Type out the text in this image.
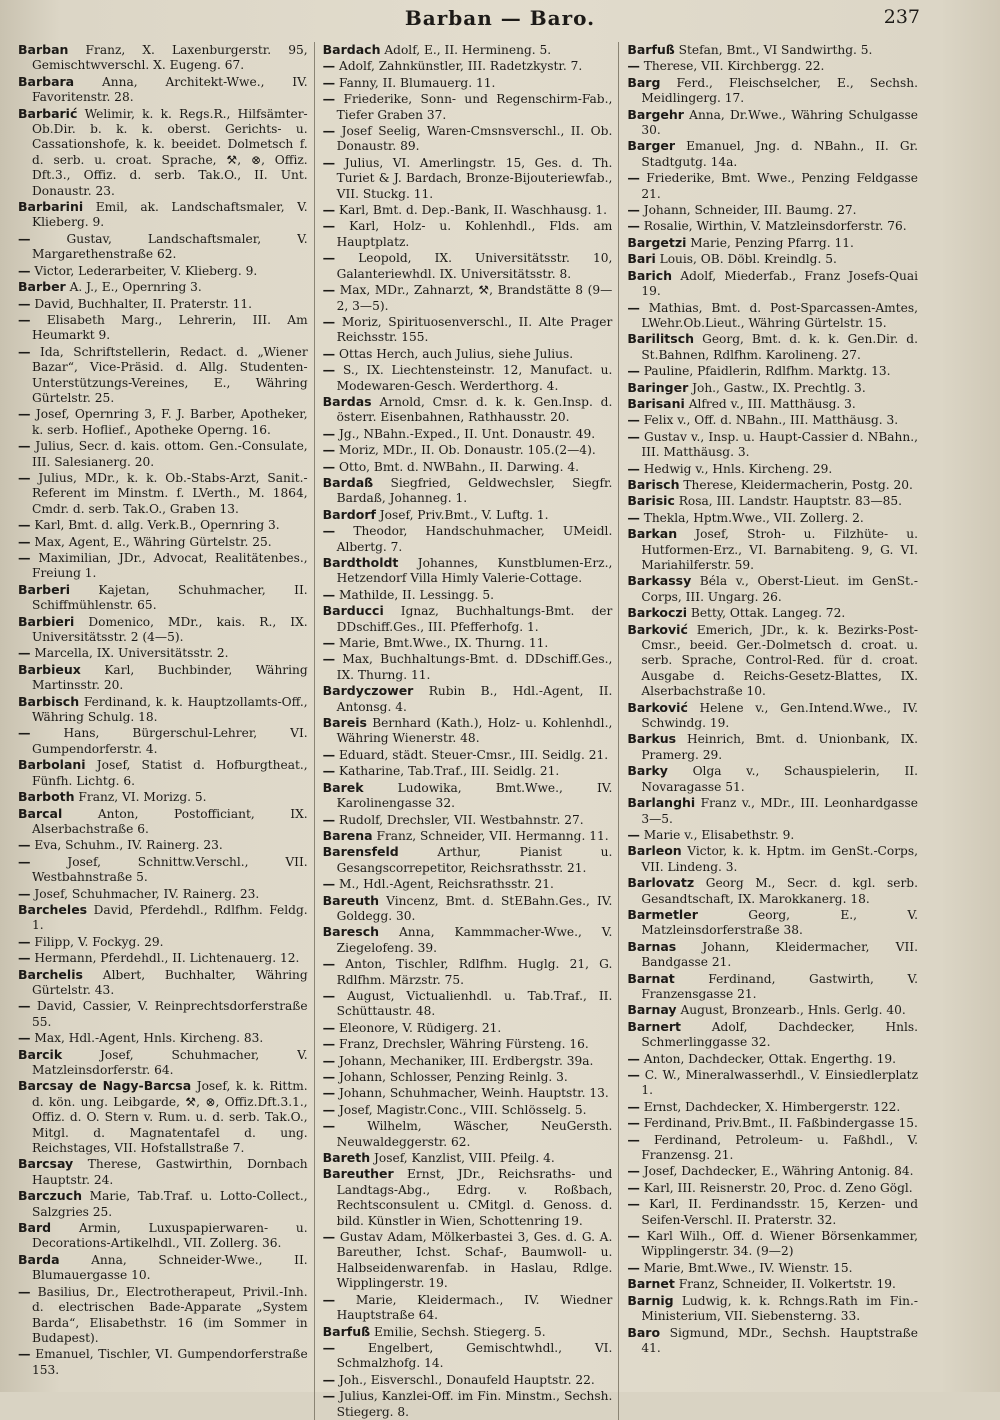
Barban — Baro.	237

Barban Franz, X. Laxenburgerstr. 95, Gemischtwverschl. X. Eugeng. 67.

Barbara Anna, Architekt-Wwe., IV. Favoritenstr. 28.

Barbarić Welimir, k. k. Regs.R., Hilfsämter-Ob.Dir. b. k. k. oberst. Gerichts- u. Cassationshofe, k. k. beeidet. Dolmetsch f. d. serb. u. croat. Sprache, ⚒, ⊗, Offiz. Dft.3., Offiz. d. serb. Tak.O., II. Unt. Donaustr. 23.

Barbarini Emil, ak. Landschaftsmaler, V. Klieberg. 9.

—	Gustav, Landschaftsmaler, V. Margarethenstraße 62.

— Victor, Lederarbeiter, V. Klieberg. 9.

Barber A. J., E., Opernring 3.

— David, Buchhalter, II. Praterstr. 11.

— Elisabeth Marg., Lehrerin, III. Am Heumarkt 9.

— Ida, Schriftstellerin, Redact. d. „Wiener Bazar“, Vice-Präsid. d. Allg. Studenten-Unterstützungs-Vereines, E., Währing Gürtelstr. 25.

— Josef, Opernring 3, F. J. Barber, Apotheker, k. serb. Hoflief., Apotheke Operng. 16.

— Julius, Secr. d. kais. ottom. Gen.-Consulate, III. Salesianerg. 20.

— Julius, MDr., k. k. Ob.-Stabs-Arzt, Sanit.-Referent im Minstm. f. LVerth., M. 1864, Cmdr. d. serb. Tak.O., Graben 13.

— Karl, Bmt. d. allg. Verk.B., Opernring 3.

— Max, Agent, E., Währing Gürtelstr. 25.

— Maximilian, JDr., Advocat, Realitätenbes., Freiung 1.

Barberi Kajetan, Schuhmacher, II. Schiffmühlenstr. 65.

Barbieri Domenico, MDr., kais. R., IX. Universitätsstr. 2 (4—5).

— Marcella, IX. Universitätsstr. 2.

Barbieux Karl, Buchbinder, Währing Martinsstr. 20.

Barbisch Ferdinand, k. k. Hauptzollamts-Off., Währing Schulg. 18.

—	Hans, Bürgerschul-Lehrer, VI. Gumpendorferstr. 4.

Barbolani Josef, Statist d. Hofburgtheat., Fünfh. Lichtg. 6.

Barboth Franz, VI. Morizg. 5.

Barcal	Anton, Postofficiant, IX. Alserbachstraße 6.

— Eva, Schuhm., IV. Rainerg. 23.

—	Josef, Schnittw.Verschl., VII. Westbahnstraße 5.

— Josef, Schuhmacher, IV. Rainerg. 23.

Barcheles David, Pferdehdl., Rdlfhm. Feldg. 1.

— Filipp, V. Fockyg. 29.

— Hermann, Pferdehdl., II. Lichtenauerg. 12.

Barchelis Albert, Buchhalter, Währing Gürtelstr. 43.

— David, Cassier, V. Reinprechtsdorferstraße 55.

— Max, Hdl.-Agent, Hnls. Kircheng. 83.

Barcik	Josef, Schuhmacher, V. Matzleinsdorferstr. 64.

Barcsay de Nagy-Barcsa Josef, k. k. Rittm. d. kön. ung. Leibgarde, ⚒, ⊗, Offiz.Dft.3.1., Offiz. d. O. Stern v. Rum. u. d. serb. Tak.O., Mitgl. d. Magnatentafel d. ung. Reichstages, VII. Hofstallstraße 7.

Barcsay Therese, Gastwirthin, Dornbach Hauptstr. 24.

Barczuch Marie, Tab.Traf. u. Lotto-Collect., Salzgries 25.

Bard Armin, Luxuspapierwaren- u. Decorations-Artikelhdl., VII. Zollerg. 36.

Barda	Anna, Schneider-Wwe., II. Blumauergasse 10.

— Basilius, Dr., Electrotherapeut, Privil.-Inh. d. electrischen Bade-Apparate „System Barda“, Elisabethstr. 16 (im Sommer in Budapest).

— Emanuel, Tischler, VI. Gumpendorferstraße 153.

Bardach Adolf, E., II. Hermineng. 5.

— Adolf, Zahnkünstler, III. Radetzkystr. 7.

— Fanny, II. Blumauerg. 11.

— Friederike, Sonn- und Regenschirm-Fab., Tiefer Graben 37.

— Josef Seelig, Waren-Cmsnsverschl., II. Ob. Donaustr. 89.

— Julius, VI. Amerlingstr. 15, Ges. d. Th. Turiet & J. Bardach, Bronze-Bijouteriewfab., VII. Stuckg. 11.

— Karl, Bmt. d. Dep.-Bank, II. Waschhausg. 1.

— Karl, Holz- u. Kohlenhdl., Flds. am Hauptplatz.

— Leopold, IX. Universitätsstr. 10, Galanteriewhdl. IX. Universitätsstr. 8.

— Max, MDr., Zahnarzt, ⚒, Brandstätte 8 (9—2, 3—5).

— Moriz, Spirituosenverschl., II. Alte Prager Reichsstr. 155.

— Ottas Herch, auch Julius, siehe Julius.

— S., IX. Liechtensteinstr. 12, Manufact. u. Modewaren-Gesch. Werderthorg. 4.

Bardas Arnold, Cmsr. d. k. k. Gen.Insp. d. österr. Eisenbahnen, Rathhausstr. 20.

— Jg., NBahn.-Exped., II. Unt. Donaustr. 49.

— Moriz, MDr., II. Ob. Donaustr. 105.(2—4).

— Otto, Bmt. d. NWBahn., II. Darwing. 4.

Bardaß Siegfried, Geldwechsler, Siegfr. Bardaß, Johanneg. 1.

Bardorf Josef, Priv.Bmt., V. Luftg. 1.

— Theodor, Handschuhmacher, UMeidl. Albertg. 7.

Bardtholdt Johannes, Kunstblumen-Erz., Hetzendorf Villa Himly Valerie-Cottage.

— Mathilde, II. Lessingg. 5.

Barducci Ignaz, Buchhaltungs-Bmt. der DDschiff.Ges., III. Pfefferhofg. 1.

— Marie, Bmt.Wwe., IX. Thurng. 11.

— Max, Buchhaltungs-Bmt. d. DDschiff.Ges., IX. Thurng. 11.

Bardyczower Rubin B., Hdl.-Agent, II. Antonsg. 4.

Bareis Bernhard (Kath.), Holz- u. Kohlenhdl., Währing Wienerstr. 48.

— Eduard, städt. Steuer-Cmsr., III. Seidlg. 21.

— Katharine, Tab.Traf., III. Seidlg. 21.

Barek	Ludowika, Bmt.Wwe., IV. Karolinengasse 32.

— Rudolf, Drechsler, VII. Westbahnstr. 27.

Barena Franz, Schneider, VII. Hermanng. 11.

Barensfeld	Arthur, Pianist u. Gesangscorrepetitor, Reichsrathsstr. 21.

— M., Hdl.-Agent, Reichsrathsstr. 21.

Bareuth Vincenz, Bmt. d. StEBahn.Ges., IV. Goldegg. 30.

Baresch Anna, Kammmacher-Wwe., V. Ziegelofeng. 39.

— Anton, Tischler, Rdlfhm. Huglg. 21, G. Rdlfhm. Märzstr. 75.

— August, Victualienhdl. u. Tab.Traf., II. Schüttaustr. 48.

— Eleonore, V. Rüdigerg. 21.

— Franz, Drechsler, Währing Fürsteng. 16.

— Johann, Mechaniker, III. Erdbergstr. 39a.

— Johann, Schlosser, Penzing Reinlg. 3.

— Johann, Schuhmacher, Weinh. Hauptstr. 13.

— Josef, Magistr.Conc., VIII. Schlösselg. 5.

—	Wilhelm, Wäscher, NeuGersth. Neuwaldeggerstr. 62.

Bareth Josef, Kanzlist, VIII. Pfeilg. 4.

Bareuther Ernst, JDr., Reichsraths- und Landtags-Abg., Edrg. v. Roßbach, Rechtsconsulent u. CMitgl. d. Genoss. d. bild. Künstler in Wien, Schottenring 19.

— Gustav Adam, Mölkerbastei 3, Ges. d. G. A. Bareuther, Ichst. Schaf-, Baumwoll- u. Halbseidenwarenfab. in Haslau, Rdlge. Wipplingerstr. 19.

— Marie, Kleidermach., IV. Wiedner Hauptstraße 64.

Barfuß Emilie, Sechsh. Stiegerg. 5.

—	Engelbert, Gemischtwhdl., VI. Schmalzhofg. 14.

— Joh., Eisverschl., Donaufeld Hauptstr. 22.

— Julius, Kanzlei-Off. im Fin. Minstm., Sechsh. Stiegerg. 8.

Barfuß Stefan, Bmt., VI Sandwirthg. 5.

— Therese, VII. Kirchbergg. 22.

Barg Ferd., Fleischselcher, E., Sechsh. Meidlingerg. 17.

Bargehr Anna, Dr.Wwe., Währing Schulgasse 30.

Barger Emanuel, Jng. d. NBahn., II. Gr. Stadtgutg. 14a.

— Friederike, Bmt. Wwe., Penzing Feldgasse 21.

— Johann, Schneider, III. Baumg. 27.

— Rosalie, Wirthin, V. Matzleinsdorferstr. 76.

Bargetzi Marie, Penzing Pfarrg. 11.

Bari Louis, OB. Döbl. Kreindlg. 5.

Barich Adolf, Miederfab., Franz Josefs-Quai 19.

— Mathias, Bmt. d. Post-Sparcassen-Amtes, LWehr.Ob.Lieut., Währing Gürtelstr. 15.

Barilitsch Georg, Bmt. d. k. k. Gen.Dir. d. St.Bahnen, Rdlfhm. Karolineng. 27.

— Pauline, Pfaidlerin, Rdlfhm. Marktg. 13.

Baringer Joh., Gastw., IX. Prechtlg. 3.

Barisani Alfred v., III. Matthäusg. 3.

— Felix v., Off. d. NBahn., III. Matthäusg. 3.

— Gustav v., Insp. u. Haupt-Cassier d. NBahn., III. Matthäusg. 3.

— Hedwig v., Hnls. Kircheng. 29.

Barisch Therese, Kleidermacherin, Postg. 20.

Barisic Rosa, III. Landstr. Hauptstr. 83—85.

— Thekla, Hptm.Wwe., VII. Zollerg. 2.

Barkan Josef, Stroh- u. Filzhüte- u. Hutformen-Erz., VI. Barnabiteng. 9, G. VI. Mariahilferstr. 59.

Barkassy Béla v., Oberst-Lieut. im GenSt.-Corps, III. Ungarg. 26.

Barkoczi Betty, Ottak. Langeg. 72.

Barković Emerich, JDr., k. k. Bezirks-Post-Cmsr., beeid. Ger.-Dolmetsch d. croat. u. serb. Sprache, Control-Red. für d. croat. Ausgabe d. Reichs-Gesetz-Blattes, IX. Alserbachstraße 10.

Barković Helene v., Gen.Intend.Wwe., IV. Schwindg. 19.

Barkus Heinrich, Bmt. d. Unionbank, IX. Pramerg. 29.

Barky Olga v., Schauspielerin, II. Novaragasse 51.

Barlanghi Franz v., MDr., III. Leonhardgasse 3—5.

— Marie v., Elisabethstr. 9.

Barleon Victor, k. k. Hptm. im GenSt.-Corps, VII. Lindeng. 3.

Barlovatz Georg M., Secr. d. kgl. serb. Gesandtschaft, IX. Marokkanerg. 18.

Barmetler	Georg, E., V. Matzleinsdorferstraße 38.

Barnas Johann, Kleidermacher, VII. Bandgasse 21.

Barnat	Ferdinand, Gastwirth, V. Franzensgasse 21.

Barnay August, Bronzearb., Hnls. Gerlg. 40.

Barnert	Adolf, Dachdecker, Hnls. Schmerlinggasse 32.

— Anton, Dachdecker, Ottak. Engerthg. 19.

— C. W., Mineralwasserhdl., V. Einsiedlerplatz 1.

— Ernst, Dachdecker, X. Himbergerstr. 122.

— Ferdinand, Priv.Bmt., II. Faßbindergasse 15.

— Ferdinand, Petroleum- u. Faßhdl., V. Franzensg. 21.

— Josef, Dachdecker, E., Währing Antonig. 84.

— Karl, III. Reisnerstr. 20, Proc. d. Zeno Gögl.

— Karl, II. Ferdinandsstr. 15, Kerzen- und Seifen-Verschl. II. Praterstr. 32.

— Karl Wilh., Off. d. Wiener Börsenkammer, Wipplingerstr. 34. (9—2)

— Marie, Bmt.Wwe., IV. Wienstr. 15.

Barnet Franz, Schneider, II. Volkertstr. 19.

Barnig Ludwig, k. k. Rchngs.Rath im Fin.-Ministerium, VII. Siebensterng. 33.

Baro Sigmund, MDr., Sechsh. Hauptstraße 41.
